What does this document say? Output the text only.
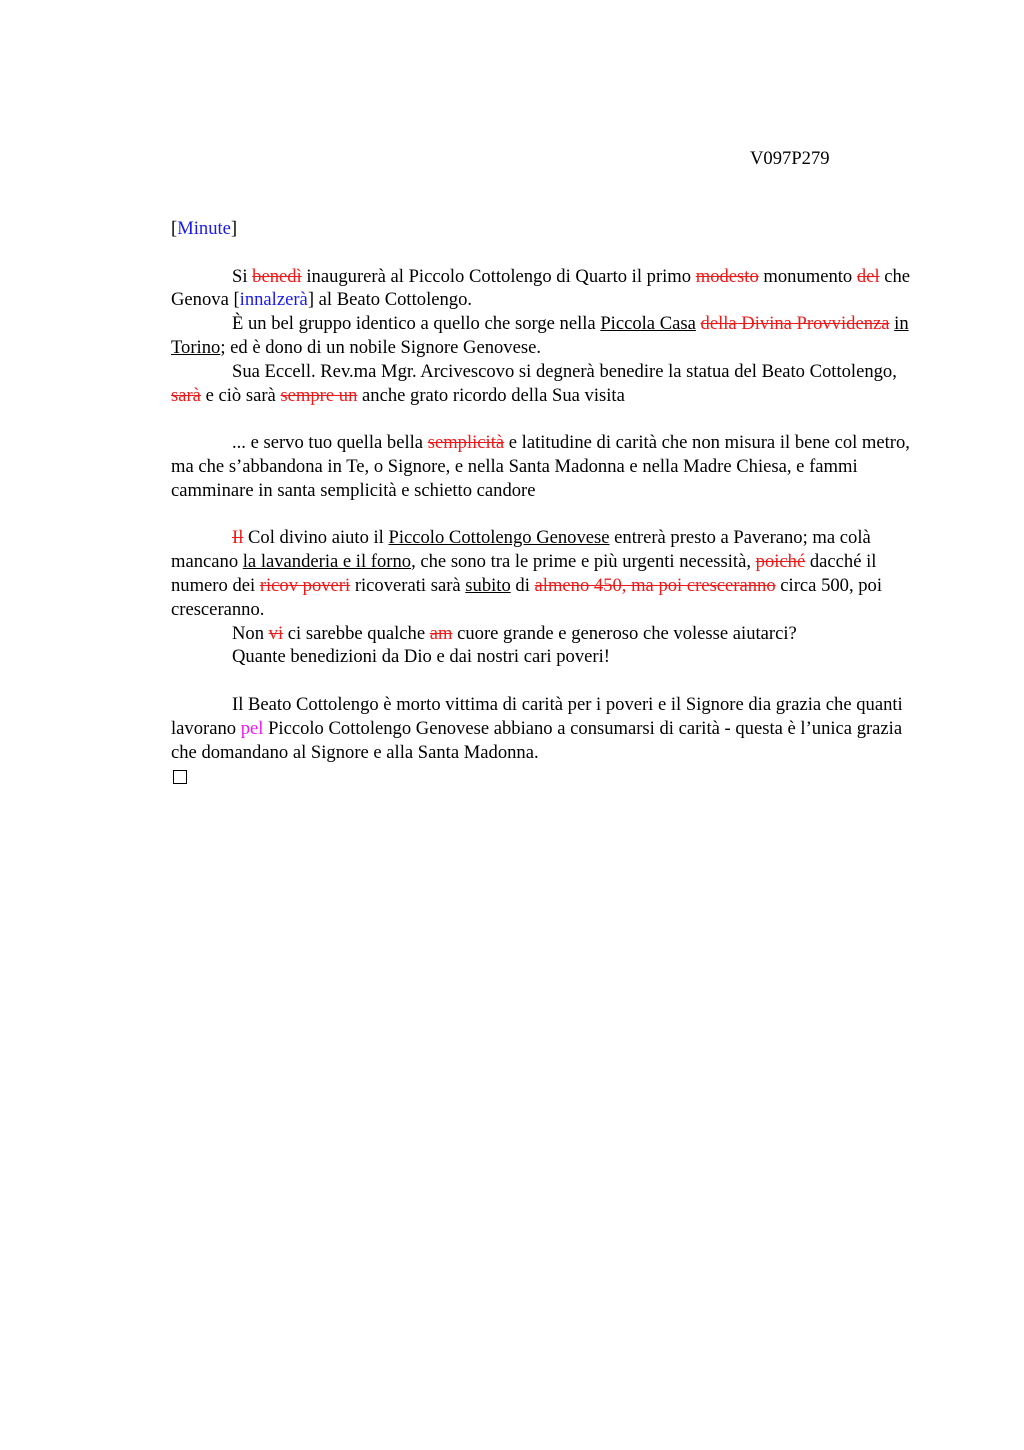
V097P279

[Minute]

Si benedì inaugurerà al Piccolo Cottolengo di Quarto il primo modesto monumento del che Genova [innalzerà] al Beato Cottolengo.

È un bel gruppo identico a quello che sorge nella Piccola Casa della Divina Provvidenza in Torino; ed è dono di un nobile Signore Genovese.

Sua Eccell. Rev.ma Mgr. Arcivescovo si degnerà benedire la statua del Beato Cottolengo, sarà e ciò sarà sempre un anche grato ricordo della Sua visita

... e servo tuo quella bella semplicità e latitudine di carità che non misura il bene col metro, ma che s’abbandona in Te, o Signore, e nella Santa Madonna e nella Madre Chiesa, e fammi camminare in santa semplicità e schietto candore

Il Col divino aiuto il Piccolo Cottolengo Genovese entrerà presto a Paverano; ma colà mancano la lavanderia e il forno, che sono tra le prime e più urgenti necessità, poiché dacché il numero dei ricov poveri ricoverati sarà subito di almeno 450, ma poi cresceranno circa 500, poi cresceranno.

Non vi ci sarebbe qualche am cuore grande e generoso che volesse aiutarci?

Quante benedizioni da Dio e dai nostri cari poveri!

Il Beato Cottolengo è morto vittima di carità per i poveri e il Signore dia grazia che quanti lavorano pel Piccolo Cottolengo Genovese abbiano a consumarsi di carità - questa è l’unica grazia che domandano al Signore e alla Santa Madonna.
